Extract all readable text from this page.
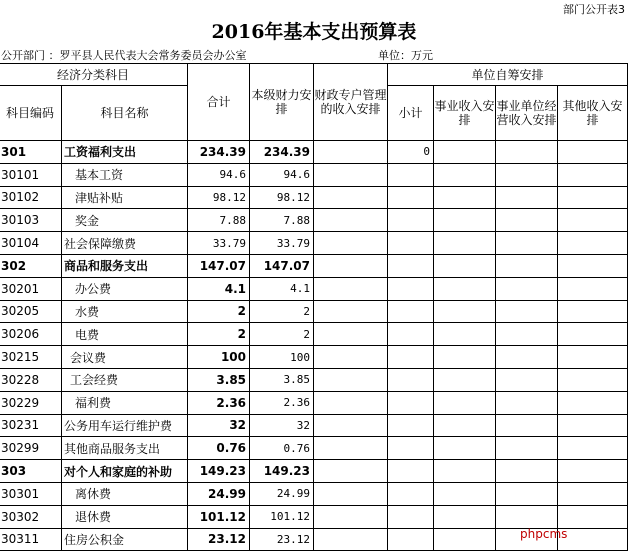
部门公开表3
2016年基本支出预算表
公开部门 ：罗平县人民代表大会常务委员会办公室	单位：万元
经济分类科目		合计	本级财力安排	财政专户管理的收入安排	单位自筹安排			
科目编码	科目名称				小计	事业收入安排	事业单位经营收入安排	其他收入安排
301	工资福利支出	234.39	234.39		0			
30101	基本工资	94.6	94.6					
30102	津贴补贴	98.12	98.12					
30103	奖金	7.88	7.88					
30104	社会保障缴费	33.79	33.79					
302	商品和服务支出	147.07	147.07					
30201	办公费	4.1	4.1					
30205	水费	2	2					
30206	电费	2	2					
30215	会议费	100	100					
30228	工会经费	3.85	3.85					
30229	福利费	2.36	2.36					
30231	公务用车运行维护费	32	32					
30299	其他商品服务支出	0.76	0.76					
303	对个人和家庭的补助	149.23	149.23					
30301	离休费	24.99	24.99					
30302	退休费	101.12	101.12					
30311	住房公积金	23.12	23.12						phpcms
